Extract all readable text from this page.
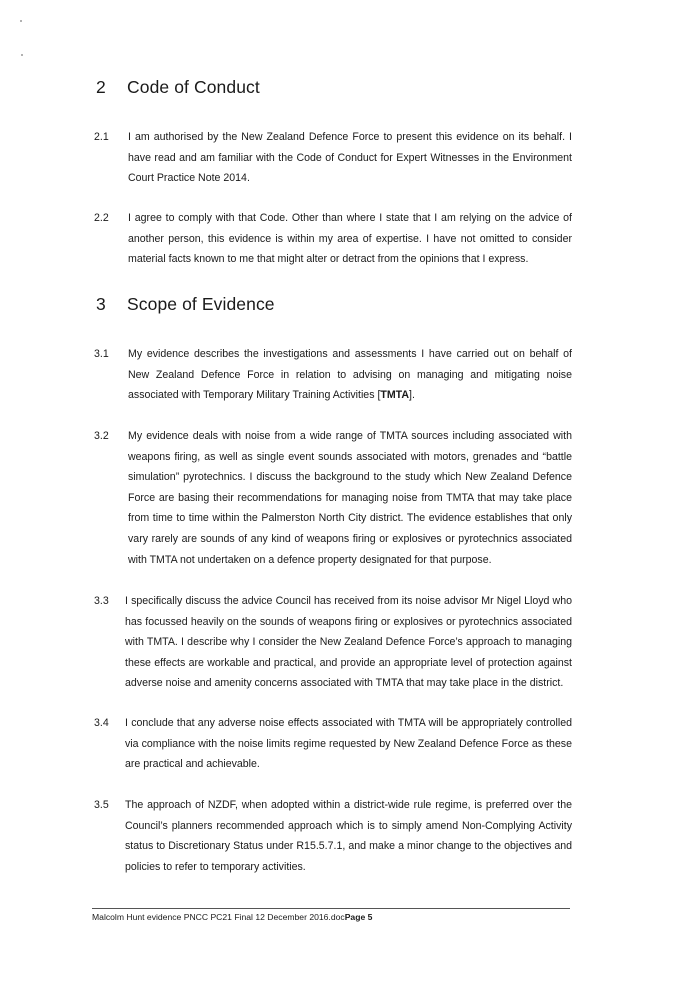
2 Code of Conduct
2.1 I am authorised by the New Zealand Defence Force to present this evidence on its behalf. I have read and am familiar with the Code of Conduct for Expert Witnesses in the Environment Court Practice Note 2014.
2.2 I agree to comply with that Code. Other than where I state that I am relying on the advice of another person, this evidence is within my area of expertise. I have not omitted to consider material facts known to me that might alter or detract from the opinions that I express.
3 Scope of Evidence
3.1 My evidence describes the investigations and assessments I have carried out on behalf of New Zealand Defence Force in relation to advising on managing and mitigating noise associated with Temporary Military Training Activities [TMTA].
3.2 My evidence deals with noise from a wide range of TMTA sources including associated with weapons firing, as well as single event sounds associated with motors, grenades and “battle simulation” pyrotechnics. I discuss the background to the study which New Zealand Defence Force are basing their recommendations for managing noise from TMTA that may take place from time to time within the Palmerston North City district. The evidence establishes that only vary rarely are sounds of any kind of weapons firing or explosives or pyrotechnics associated with TMTA not undertaken on a defence property designated for that purpose.
3.3 I specifically discuss the advice Council has received from its noise advisor Mr Nigel Lloyd who has focussed heavily on the sounds of weapons firing or explosives or pyrotechnics associated with TMTA. I describe why I consider the New Zealand Defence Force’s approach to managing these effects are workable and practical, and provide an appropriate level of protection against adverse noise and amenity concerns associated with TMTA that may take place in the district.
3.4 I conclude that any adverse noise effects associated with TMTA will be appropriately controlled via compliance with the noise limits regime requested by New Zealand Defence Force as these are practical and achievable.
3.5 The approach of NZDF, when adopted within a district-wide rule regime, is preferred over the Council’s planners recommended approach which is to simply amend Non-Complying Activity status to Discretionary Status under R15.5.7.1, and make a minor change to the objectives and policies to refer to temporary activities.
Malcolm Hunt evidence PNCC PC21 Final 12 December 2016.docPage 5
